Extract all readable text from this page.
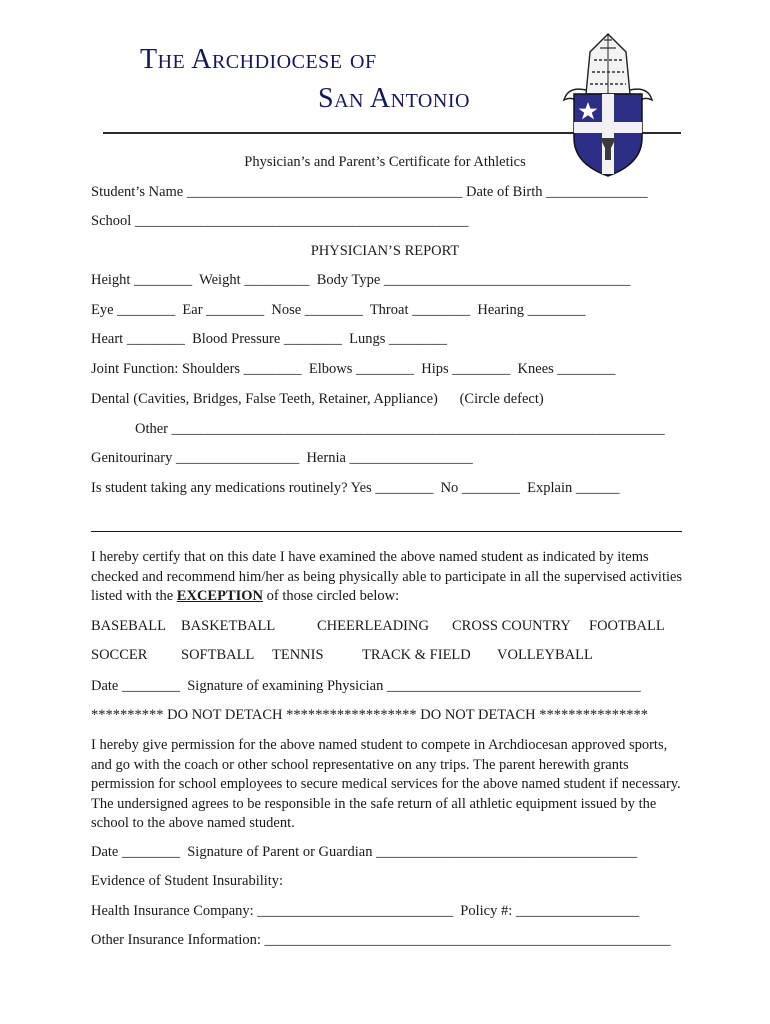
The Archdiocese of
San Antonio
Physician’s and Parent’s Certificate for Athletics
Student’s Name ______________________________________ Date of Birth ______________
School ______________________________________________
PHYSICIAN’S REPORT
Height ________  Weight _________  Body Type __________________________________
Eye ________  Ear ________  Nose ________  Throat ________  Hearing ________
Heart ________  Blood Pressure ________  Lungs ________
Joint Function: Shoulders ________  Elbows ________  Hips ________  Knees ________
Dental (Cavities, Bridges, False Teeth, Retainer, Appliance)      (Circle defect)
Other ____________________________________________________________________
Genitourinary _________________  Hernia _________________
Is student taking any medications routinely? Yes ________  No ________  Explain ______
I hereby certify that on this date I have examined the above named student as indicated by items checked and recommend him/her as being physically able to participate in all the supervised activities listed with the EXCEPTION of those circled below:
BASEBALL BASKETBALL	CHEERLEADING CROSS COUNTRY FOOTBALL
SOCCER SOFTBALL TENNIS	TRACK & FIELD VOLLEYBALL
Date ________  Signature of examining Physician ___________________________________
********** DO NOT DETACH ****************** DO NOT DETACH ***************
I hereby give permission for the above named student to compete in Archdiocesan approved sports, and go with the coach or other school representative on any trips. The parent herewith grants permission for school employees to secure medical services for the above named student if necessary. The undersigned agrees to be responsible in the safe return of all athletic equipment issued by the school to the above named student.
Date ________  Signature of Parent or Guardian ____________________________________
Evidence of Student Insurability:
Health Insurance Company: ___________________________  Policy #: _________________
Other Insurance Information: ________________________________________________________
